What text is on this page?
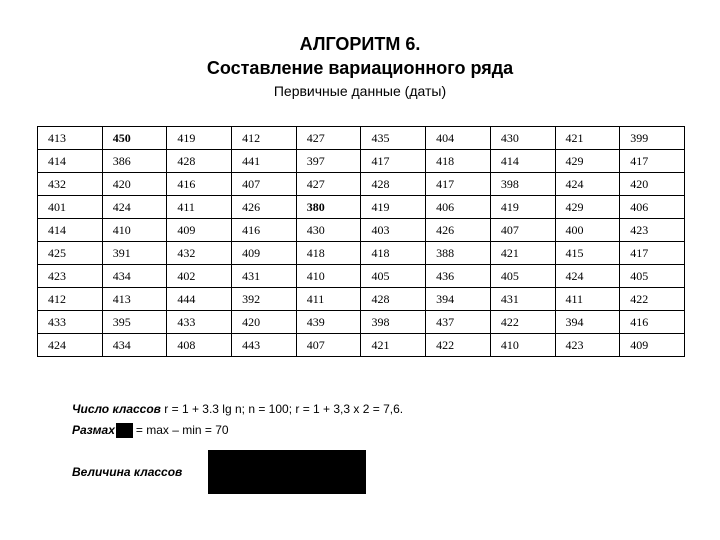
АЛГОРИТМ 6.
Составление вариационного ряда
Первичные данные (даты)
413	450	419	412	427	435	404	430	421	399
414	386	428	441	397	417	418	414	429	417
432	420	416	407	427	428	417	398	424	420
401	424	411	426	380	419	406	419	429	406
414	410	409	416	430	403	426	407	400	423
425	391	432	409	418	418	388	421	415	417
423	434	402	431	410	405	436	405	424	405
412	413	444	392	411	428	394	431	411	422
433	395	433	420	439	398	437	422	394	416
424	434	408	443	407	421	422	410	423	409
Число классов r = 1 + 3.3 lg n; n = 100; r = 1 + 3,3 x 2 = 7,6.
Размах = max – min = 70
Величина классов
